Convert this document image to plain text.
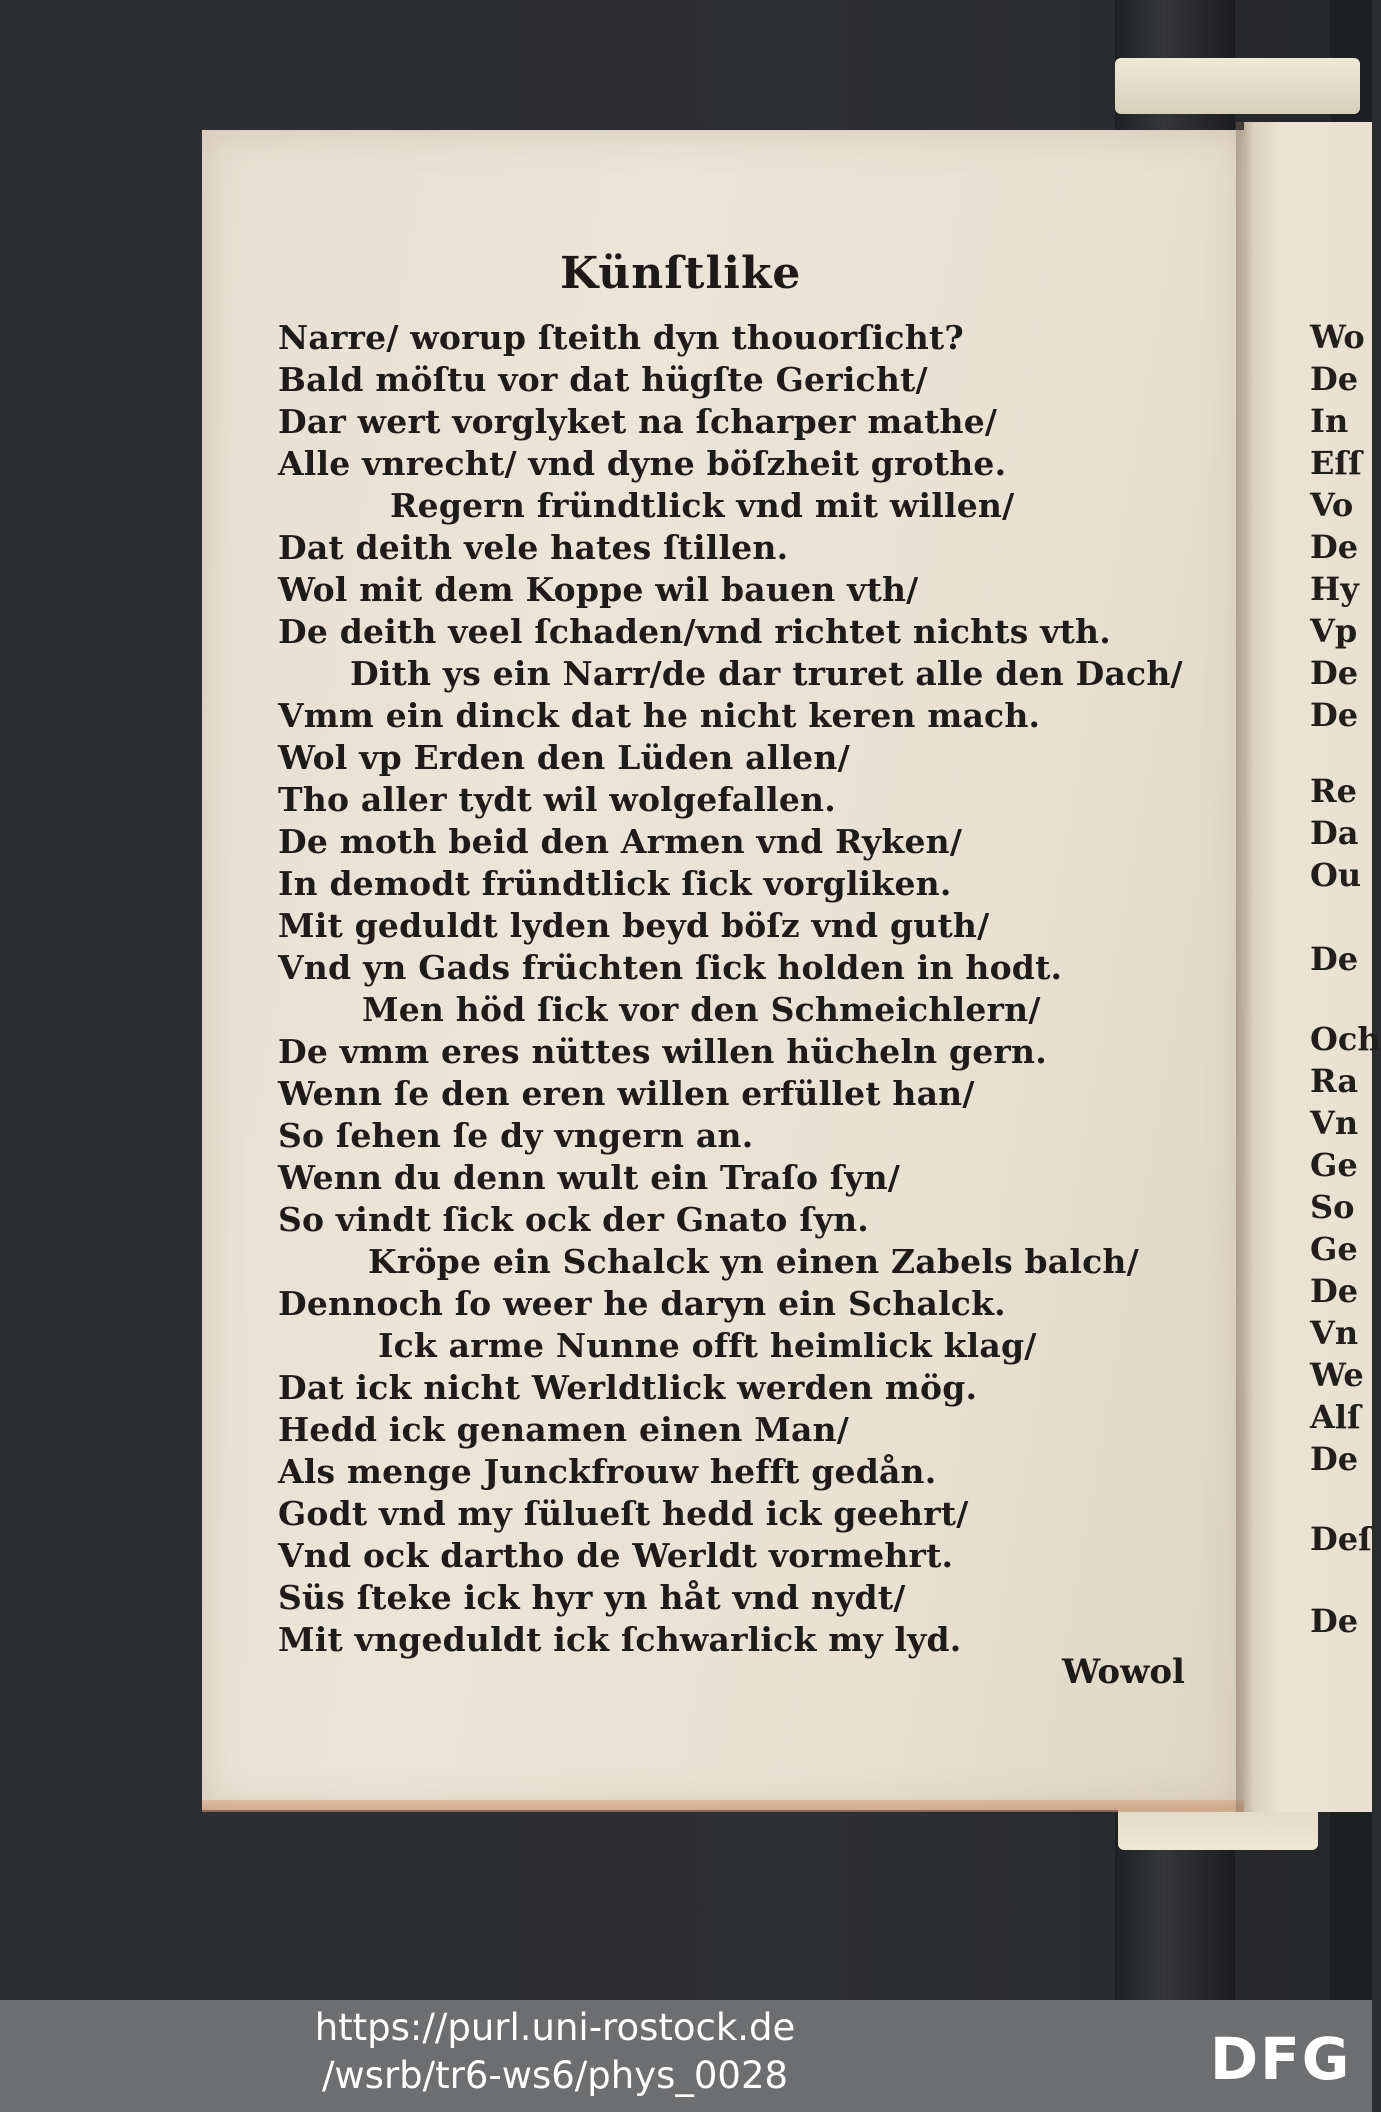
Künſtlike
Narre/ worup ſteith dyn thouorſicht?
Bald möſtu vor dat hügſte Gericht/
Dar wert vorglyket na ſcharper mathe/
Alle vnrecht/ vnd dyne böſzheit grothe.
Regern fründtlick vnd mit willen/
Dat deith vele hates ſtillen.
Wol mit dem Koppe wil bauen vth/
De deith veel ſchaden/vnd richtet nichts vth.
Dith ys ein Narr/de dar truret alle den Dach/
Vmm ein dinck dat he nicht keren mach.
Wol vp Erden den Lüden allen/
Tho aller tydt wil wolgefallen.
De moth beid den Armen vnd Ryken/
In demodt fründtlick ſick vorgliken.
Mit geduldt lyden beyd böſz vnd guth/
Vnd yn Gads früchten ſick holden in hodt.
Men höd ſick vor den Schmeichlern/
De vmm eres nüttes willen hücheln gern.
Wenn ſe den eren willen erfüllet han/
So ſehen ſe dy vngern an.
Wenn du denn wult ein Traſo ſyn/
So vindt ſick ock der Gnato ſyn.
Kröpe ein Schalck yn einen Zabels balch/
Dennoch ſo weer he daryn ein Schalck.
Ick arme Nunne offt heimlick klag/
Dat ick nicht Werldtlick werden mög.
Hedd ick genamen einen Man/
Als menge Junckfrouw hefft gedån.
Godt vnd my ſülueſt hedd ick geehrt/
Vnd ock dartho de Werldt vormehrt.
Süs ſteke ick hyr yn håt vnd nydt/
Mit vngeduldt ick ſchwarlick my lyd.
Wowol
Wo
De
In
Eſſ
Vo
De
Hy
Vp
De
De
Re
Da
Ou
De
Och
Ra
Vn
Ge
So
Ge
De
Vn
We
Alſ
De
Deſ
De
https://purl.uni-rostock.de
/wsrb/tr6-ws6/phys_0028	DFG
